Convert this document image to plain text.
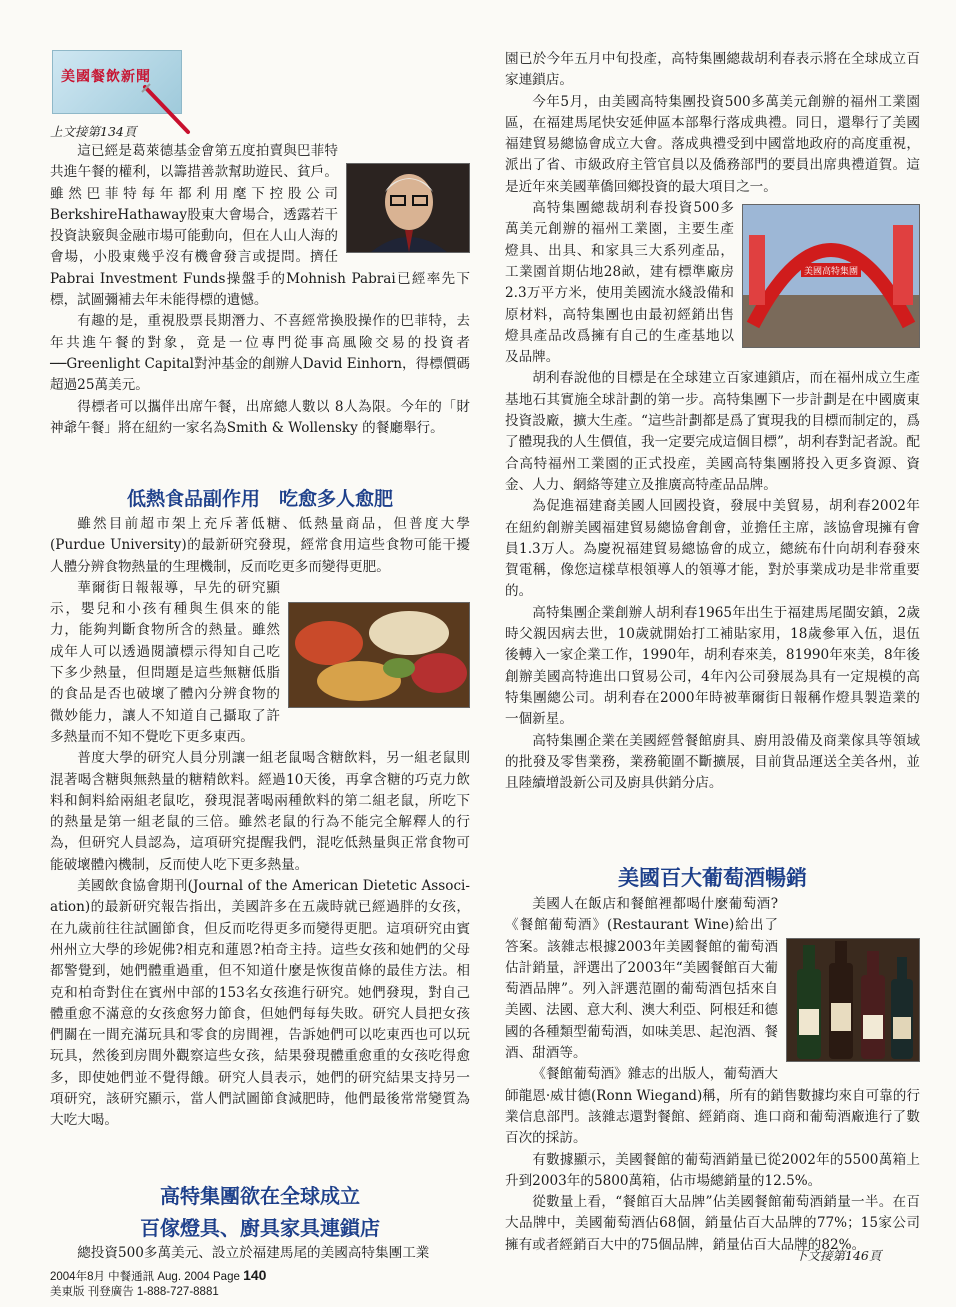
美國餐飲新聞
上文接第134頁

這已經是葛萊德基金會第五度拍賣與巴菲特共進午餐的權利，以籌措善款幫助遊民、貧戶。雖然巴菲特每年都利用麾下控股公司BerkshireHathaway股東大會場合，透露若干投資訣竅與金融市場可能動向，但在人山人海的會場，小股東幾乎沒有機會發言或提問。擠任 Pabrai Investment Funds操盤手的Mohnish Pabrai已經率先下標，試圖彌補去年未能得標的遺憾。

有趣的是，重視股票長期潛力、不喜經常換股操作的巴菲特，去年共進午餐的對象，竟是一位專門從事高風險交易的投資者──Greenlight Capital對沖基金的創辦人David Einhorn，得標價碼超過25萬美元。

得標者可以攜伴出席午餐，出席總人數以 8人為限。今年的「財神爺午餐」將在紐約一家名為Smith & Wollensky 的餐廳舉行。

低熱食品副作用　吃愈多人愈肥

雖然目前超市架上充斥著低糖、低熱量商品，但普度大學(Purdue University)的最新研究發現，經常食用這些食物可能干擾人體分辨食物熱量的生理機制，反而吃更多而變得更肥。

華爾街日報報導，早先的研究顯示，嬰兒和小孩有種與生俱來的能力，能夠判斷食物所含的熱量。雖然成年人可以透過閱讀標示得知自己吃下多少熱量，但問題是這些無糖低脂的食品是否也破壞了體內分辨食物的微妙能力，讓人不知道自己攝取了許多熱量而不知不覺吃下更多東西。

普度大學的研究人員分別讓一組老鼠喝含糖飲料，另一組老鼠則混著喝含糖與無熱量的糖精飲料。經過10天後，再拿含糖的巧克力飲料和飼料給兩組老鼠吃，發現混著喝兩種飲料的第二組老鼠，所吃下的熱量是第一組老鼠的三倍。雖然老鼠的行為不能完全解釋人的行為，但研究人員認為，這項研究提醒我們，混吃低熱量與正常食物可能破壞體內機制，反而使人吃下更多熱量。

美國飲食協會期刊(Journal of the American Dietetic Associ-ation)的最新研究報告指出，美國許多在五歲時就已經過胖的女孩，在九歲前往往試圖節食，但反而吃得更多而變得更肥。這項研究由賓州州立大學的珍妮佛?相克和蓮恩?柏奇主持。這些女孩和她們的父母都警覺到，她們體重過重，但不知道什麼是恢復苗條的最佳方法。相克和柏奇對住在賓州中部的153名女孩進行研究。她們發現，對自己體重愈不滿意的女孩愈努力節食，但她們每每失敗。研究人員把女孩們關在一間充滿玩具和零食的房間裡，告訴她們可以吃東西也可以玩玩具，然後到房間外觀察這些女孩，結果發現體重愈重的女孩吃得愈多，即使她們並不覺得餓。研究人員表示，她們的研究結果支持另一項研究，該研究顯示，當人們試圖節食減肥時，他們最後常常變質為大吃大喝。

高特集團欲在全球成立
百傢燈具、廚具家具連鎖店

總投資500多萬美元、設立於福建馬尾的美國高特集團工業

園已於今年五月中旬投產，高特集團總裁胡利春表示將在全球成立百家連鎖店。

今年5月，由美國高特集團投資500多萬美元創辦的福州工業園區，在福建馬尾快安延伸區本部舉行落成典禮。同日，還舉行了美國福建貿易總協會成立大會。落成典禮受到中國當地政府的高度重視，派出了省、市級政府主管官員以及僑務部門的要員出席典禮道賀。這是近年來美國華僑回鄉投資的最大項目之一。

美國高特集團

高特集團總裁胡利春投資500多萬美元創辦的福州工業園，主要生產燈具、出具、和家具三大系列產品，工業園首期佔地28畝，建有標準廠房2.3万平方米，使用美國流水綫設備和原材料，高特集團也由最初經銷出售燈具產品改爲擁有自己的生產基地以及品牌。

胡利春說他的目標是在全球建立百家連鎖店，而在福州成立生產基地石其實施全球計劃的第一步。高特集團下一步計劃是在中國廣東投資設廠，擴大生產。“這些計劃都是爲了實現我的目標而制定的，爲了體現我的人生價值，我一定要完成這個目標”，胡利春對記者說。配合高特福州工業園的正式投産，美國高特集團將投入更多資源、資金、人力、網絡等建立及推廣高特產品品牌。

為促進福建裔美國人回國投資，發展中美貿易，胡利春2002年在紐約創辦美國福建貿易總協會創會，並擔任主席，該協會現擁有會員1.3万人。為慶祝福建貿易總協會的成立，總統布什向胡利春發來賀電稱，像您這樣草根領導人的領導才能，對於事業成功是非常重要的。

高特集團企業創辦人胡利春1965年出生于福建馬尾閩安鎮，2歲時父親因病去世，10歲就開始打工補貼家用，18歲參軍入伍，退伍後轉入一家企業工作，1990年，胡利春來美，81990年來美，8年後創辦美國高特進出口貿易公司，4年內公司發展為具有一定規模的高特集團總公司。胡利春在2000年時被華爾街日報稱作燈具製造業的一個新星。

高特集團企業在美國經營餐館廚具、廚用設備及商業傢具等領域的批發及零售業務，業務範圍不斷擴展，目前貨品運送全美各州，並且陸續增設新公司及廚具供銷分店。

美國百大葡萄酒暢銷

美國人在飯店和餐館裡都喝什麼葡萄酒?《餐館葡萄酒》(Restaurant Wine)給出了答案。該雜志根據2003年美國餐館的葡萄酒估計銷量，評選出了2003年“美國餐館百大葡萄酒品牌”。列入評選范圍的葡萄酒包括來自美國、法國、意大利、澳大利亞、阿根廷和德國的各種類型葡萄酒，如味美思、起泡酒、餐酒、甜酒等。

《餐館葡萄酒》雜志的出版人，葡萄酒大師龍恩·威甘德(Ronn Wiegand)稱，所有的銷售數據均來自可靠的行業信息部門。該雜志還對餐館、經銷商、進口商和葡萄酒廠進行了數百次的採訪。

有數據顯示，美國餐館的葡萄酒銷量已從2002年的5500萬箱上升到2003年的5800萬箱，佔市場總銷量的12.5%。

從數量上看，“餐館百大品牌”佔美國餐館葡萄酒銷量一半。在百大品牌中，美國葡萄酒佔68個，銷量佔百大品牌的77%；15家公司擁有或者經銷百大中的75個品牌，銷量佔百大品牌的82%。

下文接第146頁
2004年8月 中餐通訊 Aug. 2004 Page 140
美東版 刊登廣告 1-888-727-8881
